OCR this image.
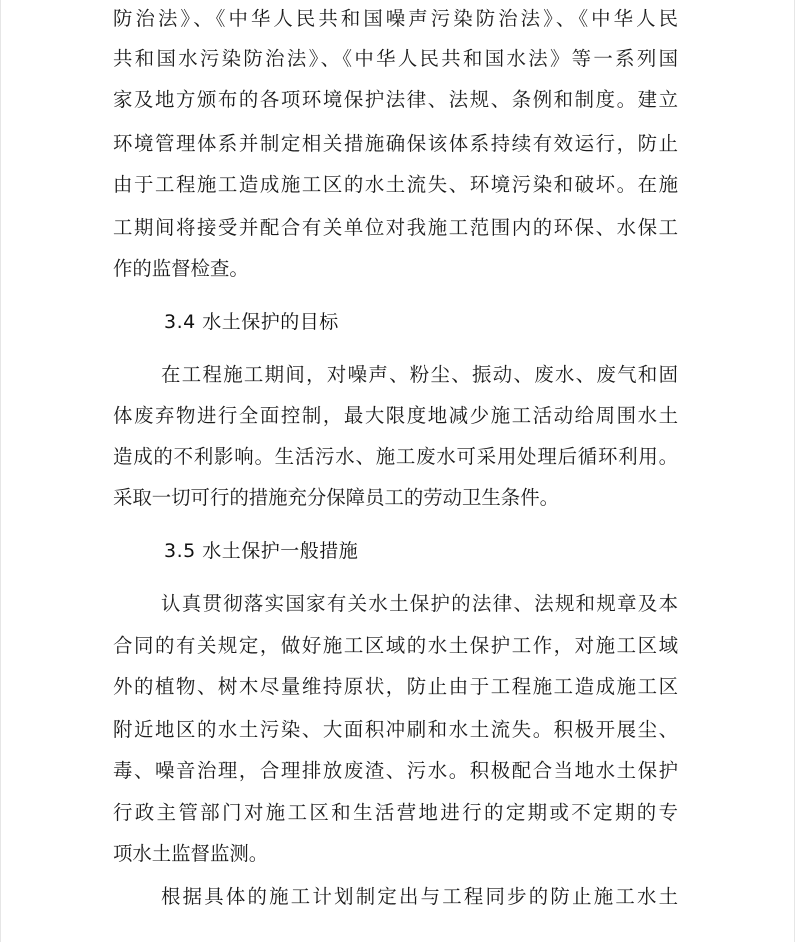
防治法》、《中华人民共和国噪声污染防治法》、《中华人民
共和国水污染防治法》、《中华人民共和国水法》等一系列国
家及地方颁布的各项环境保护法律、法规、条例和制度。建立
环境管理体系并制定相关措施确保该体系持续有效运行，防止
由于工程施工造成施工区的水土流失、环境污染和破坏。在施
工期间将接受并配合有关单位对我施工范围内的环保、水保工
作的监督检查。
3.4 水土保护的目标
在工程施工期间，对噪声、粉尘、振动、废水、废气和固
体废弃物进行全面控制，最大限度地减少施工活动给周围水土
造成的不利影响。生活污水、施工废水可采用处理后循环利用。
采取一切可行的措施充分保障员工的劳动卫生条件。
3.5 水土保护一般措施
认真贯彻落实国家有关水土保护的法律、法规和规章及本
合同的有关规定，做好施工区域的水土保护工作，对施工区域
外的植物、树木尽量维持原状，防止由于工程施工造成施工区
附近地区的水土污染、大面积冲刷和水土流失。积极开展尘、
毒、噪音治理，合理排放废渣、污水。积极配合当地水土保护
行政主管部门对施工区和生活营地进行的定期或不定期的专
项水土监督监测。
根据具体的施工计划制定出与工程同步的防止施工水土
